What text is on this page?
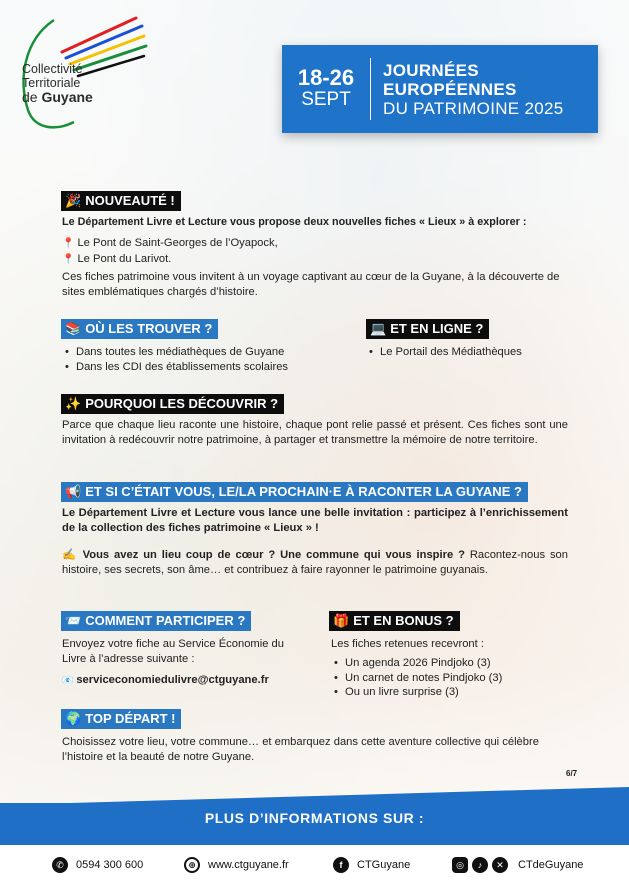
Collectivité
Territoriale
de Guyane
18-26
SEPT
JOURNÉES
EUROPÉENNES
DU PATRIMOINE 2025
🎉 NOUVEAUTÉ !
Le Département Livre et Lecture vous propose deux nouvelles fiches « Lieux » à explorer :
📍 Le Pont de Saint-Georges de l’Oyapock,
📍 Le Pont du Larivot.
Ces fiches patrimoine vous invitent à un voyage captivant au cœur de la Guyane, à la découverte de sites emblématiques chargés d’histoire.
📚 OÙ LES TROUVER ?
• Dans toutes les médiathèques de Guyane
• Dans les CDI des établissements scolaires
💻 ET EN LIGNE ?
• Le Portail des Médiathèques
✨ POURQUOI LES DÉCOUVRIR ?
Parce que chaque lieu raconte une histoire, chaque pont relie passé et présent. Ces fiches sont une invitation à redécouvrir notre patrimoine, à partager et transmettre la mémoire de notre territoire.
📢 ET SI C’ÉTAIT VOUS, LE/LA PROCHAIN·E À RACONTER LA GUYANE ?
Le Département Livre et Lecture vous lance une belle invitation : participez à l’enrichissement de la collection des fiches patrimoine « Lieux » !
✍️ Vous avez un lieu coup de cœur ? Une commune qui vous inspire ? Racontez-nous son histoire, ses secrets, son âme… et contribuez à faire rayonner le patrimoine guyanais.
📨 COMMENT PARTICIPER ?
Envoyez votre fiche au Service Économie du Livre à l’adresse suivante :
📧 serviceconomiedulivre@ctguyane.fr
🎁 ET EN BONUS ?
Les fiches retenues recevront :
• Un agenda 2026 Pindjoko (3)
• Un carnet de notes Pindjoko (3)
• Ou un livre surprise (3)
🌍 TOP DÉPART !
Choisissez votre lieu, votre commune… et embarquez dans cette aventure collective qui célèbre l’histoire et la beauté de notre Guyane.
6/7
PLUS D’INFORMATIONS SUR :
✆	0594 300 600	⊕	www.ctguyane.fr	f	CTGuyane	◎	♪	✕	CTdeGuyane
